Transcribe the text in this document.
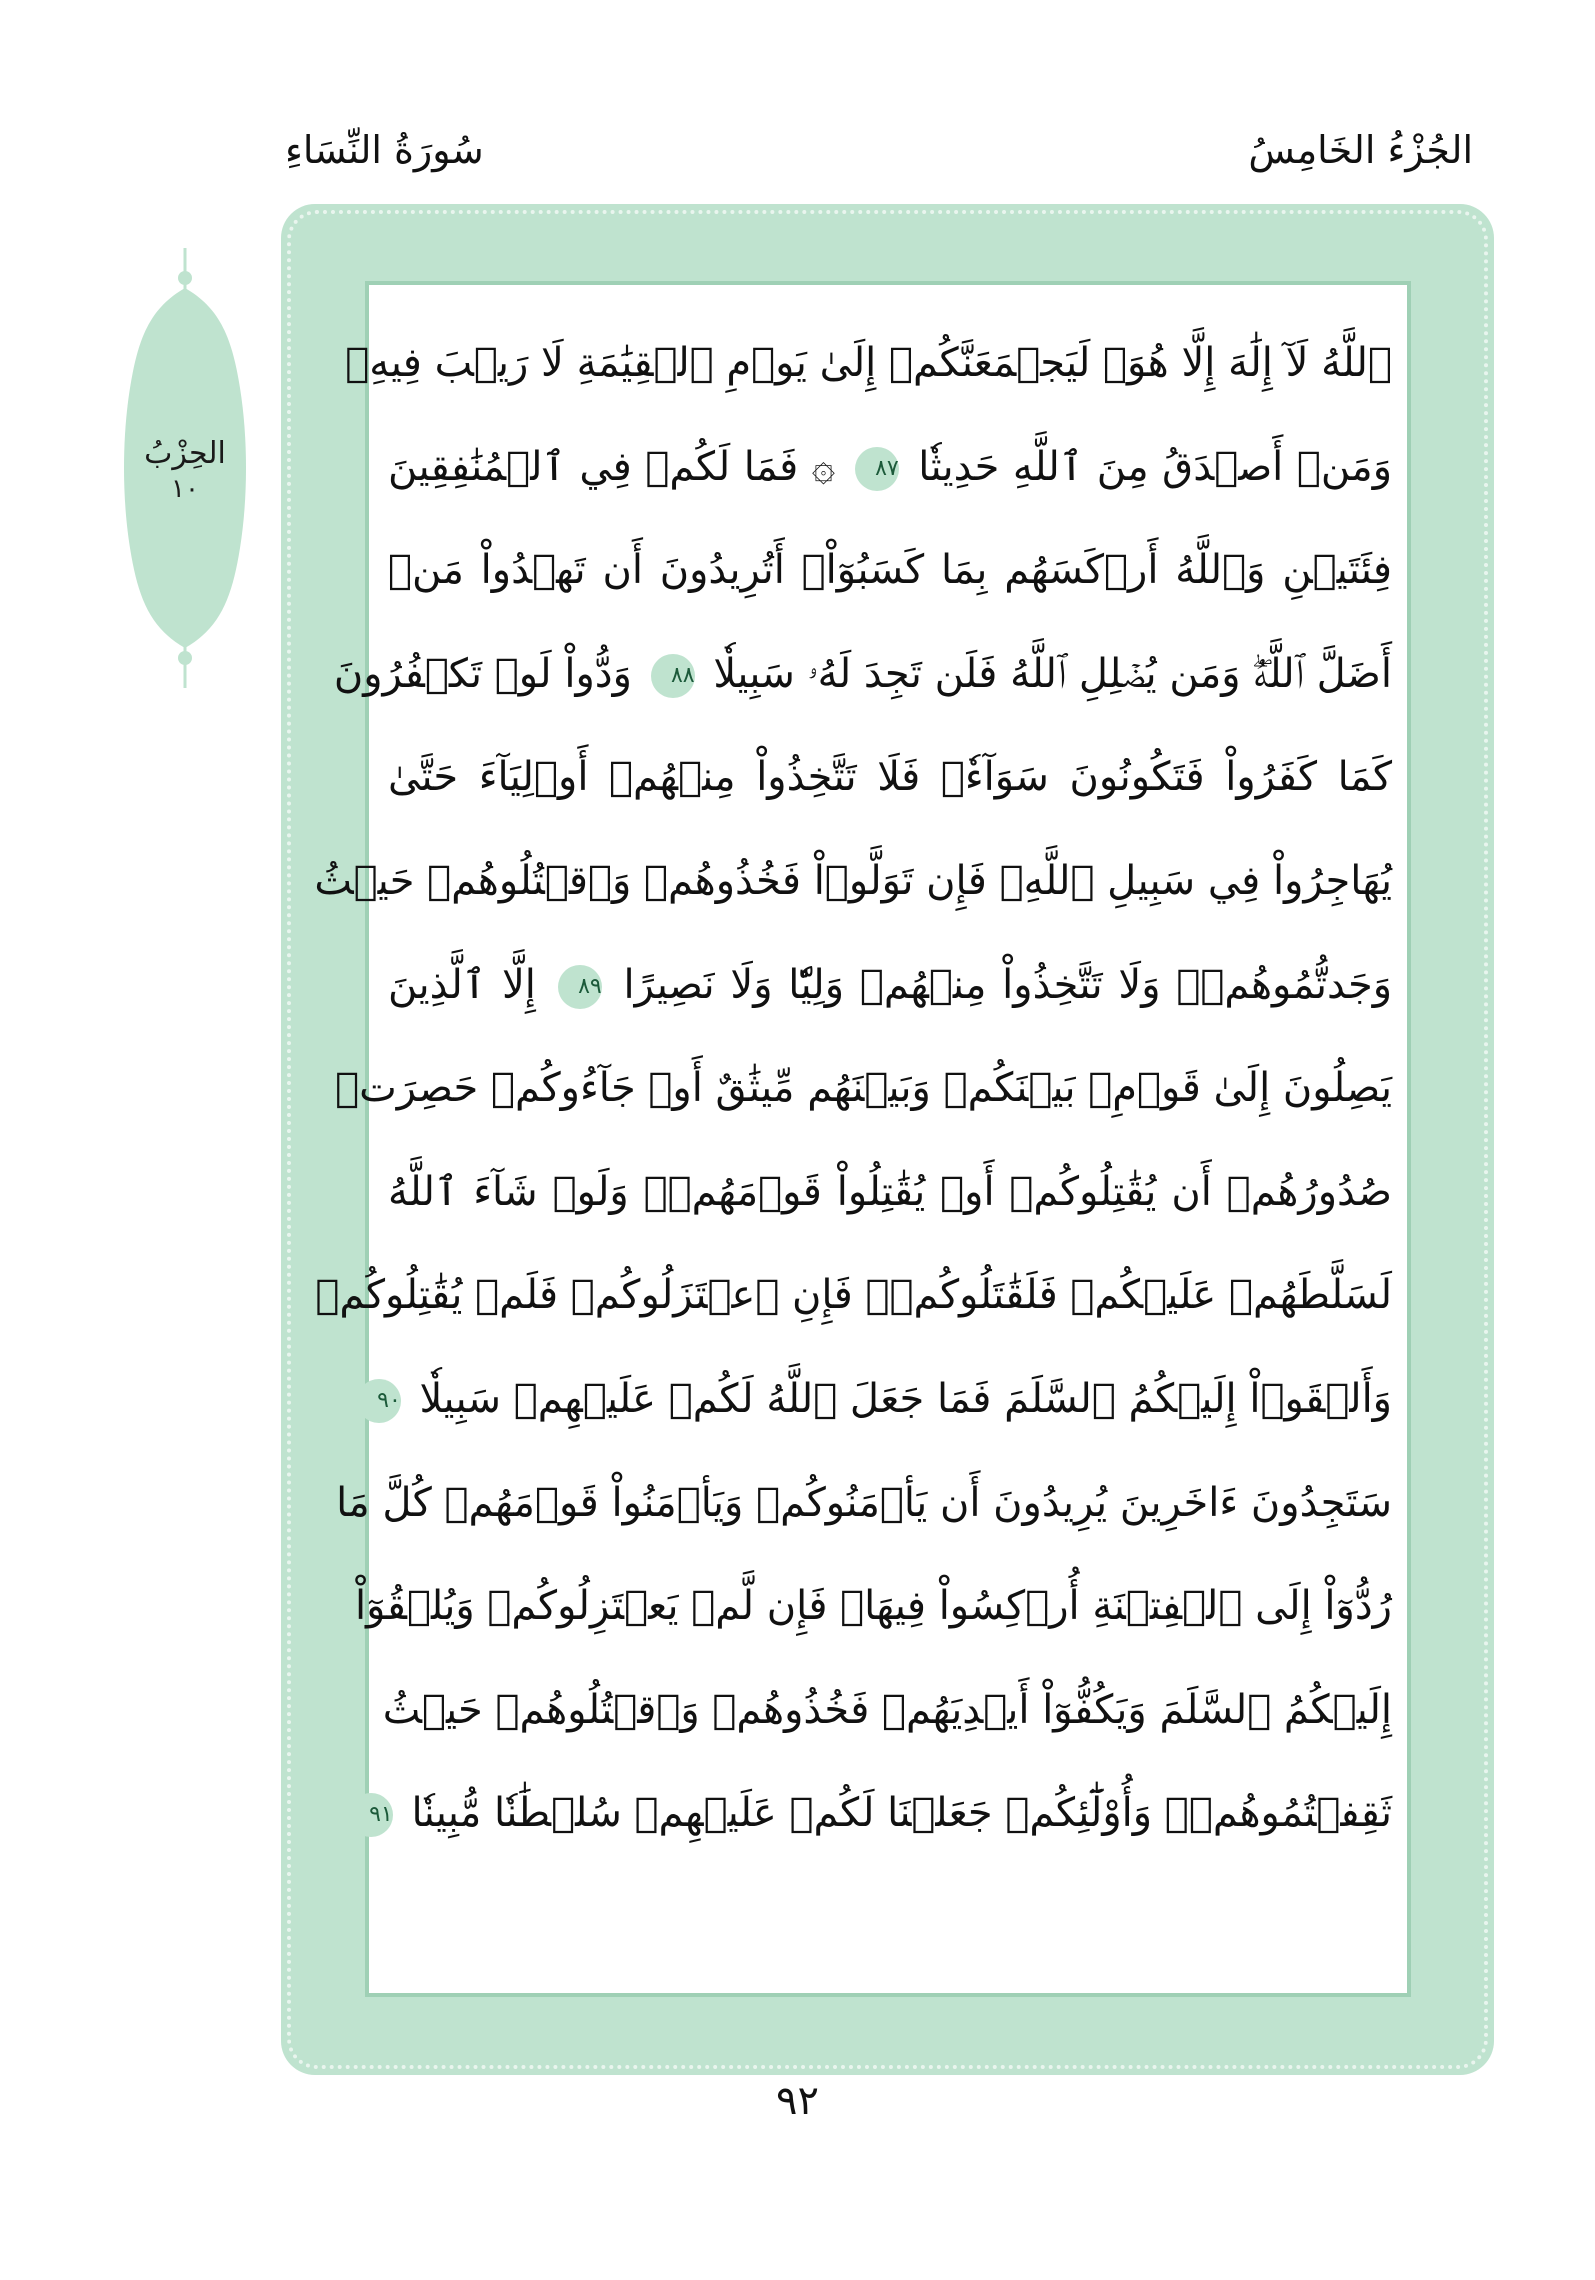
سُورَةُ النِّسَاءِ	الجُزْءُ الخَامِسُ
الحِزْبُ
١٠
ٱللَّهُ لَآ إِلَٰهَ إِلَّا هُوَۚ لَيَجۡمَعَنَّكُمۡ إِلَىٰ يَوۡمِ ٱلۡقِيَٰمَةِ لَا رَيۡبَ فِيهِۗ
وَمَنۡ أَصۡدَقُ مِنَ ٱللَّهِ حَدِيثٗا ٨٧ ۞ فَمَا لَكُمۡ فِي ٱلۡمُنَٰفِقِينَ
فِئَتَيۡنِ وَٱللَّهُ أَرۡكَسَهُم بِمَا كَسَبُوٓاْۚ أَتُرِيدُونَ أَن تَهۡدُواْ مَنۡ
أَضَلَّ ٱللَّهُۖ وَمَن يُضۡلِلِ ٱللَّهُ فَلَن تَجِدَ لَهُۥ سَبِيلٗا ٨٨ وَدُّواْ لَوۡ تَكۡفُرُونَ
كَمَا كَفَرُواْ فَتَكُونُونَ سَوَآءٗۖ فَلَا تَتَّخِذُواْ مِنۡهُمۡ أَوۡلِيَآءَ حَتَّىٰ
يُهَاجِرُواْ فِي سَبِيلِ ٱللَّهِۚ فَإِن تَوَلَّوۡاْ فَخُذُوهُمۡ وَٱقۡتُلُوهُمۡ حَيۡثُ
وَجَدتُّمُوهُمۡۖ وَلَا تَتَّخِذُواْ مِنۡهُمۡ وَلِيّٗا وَلَا نَصِيرًا ٨٩ إِلَّا ٱلَّذِينَ
يَصِلُونَ إِلَىٰ قَوۡمِۭ بَيۡنَكُمۡ وَبَيۡنَهُم مِّيثَٰقٌ أَوۡ جَآءُوكُمۡ حَصِرَتۡ
صُدُورُهُمۡ أَن يُقَٰتِلُوكُمۡ أَوۡ يُقَٰتِلُواْ قَوۡمَهُمۡۚ وَلَوۡ شَآءَ ٱللَّهُ
لَسَلَّطَهُمۡ عَلَيۡكُمۡ فَلَقَٰتَلُوكُمۡۚ فَإِنِ ٱعۡتَزَلُوكُمۡ فَلَمۡ يُقَٰتِلُوكُمۡ
وَأَلۡقَوۡاْ إِلَيۡكُمُ ٱلسَّلَمَ فَمَا جَعَلَ ٱللَّهُ لَكُمۡ عَلَيۡهِمۡ سَبِيلٗا ٩٠
سَتَجِدُونَ ءَاخَرِينَ يُرِيدُونَ أَن يَأۡمَنُوكُمۡ وَيَأۡمَنُواْ قَوۡمَهُمۡ كُلَّ مَا
رُدُّوٓاْ إِلَى ٱلۡفِتۡنَةِ أُرۡكِسُواْ فِيهَاۚ فَإِن لَّمۡ يَعۡتَزِلُوكُمۡ وَيُلۡقُوٓاْ
إِلَيۡكُمُ ٱلسَّلَمَ وَيَكُفُّوٓاْ أَيۡدِيَهُمۡ فَخُذُوهُمۡ وَٱقۡتُلُوهُمۡ حَيۡثُ
ثَقِفۡتُمُوهُمۡۚ وَأُوْلَٰٓئِكُمۡ جَعَلۡنَا لَكُمۡ عَلَيۡهِمۡ سُلۡطَٰنٗا مُّبِينٗا ٩١
٩٢
